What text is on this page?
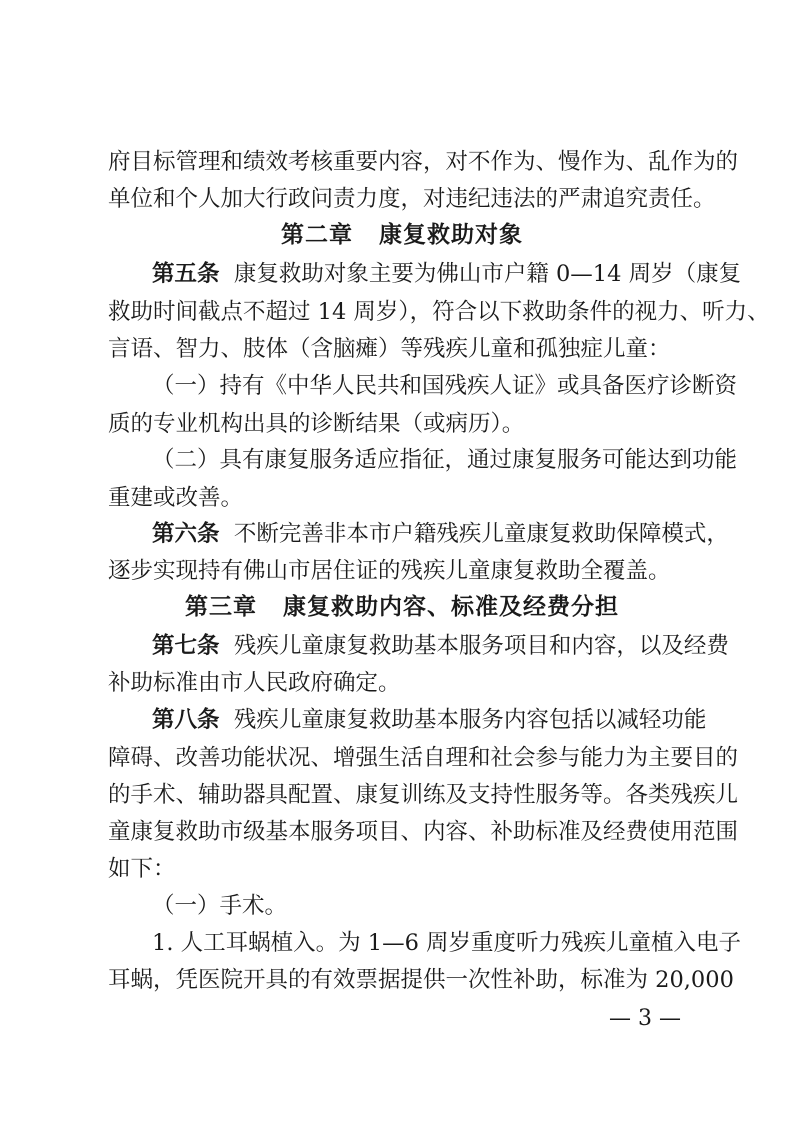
府目标管理和绩效考核重要内容，对不作为、慢作为、乱作为的
单位和个人加大行政问责力度，对违纪违法的严肃追究责任。
第二章 康复救助对象
第五条 康复救助对象主要为佛山市户籍 0—14 周岁（康复
救助时间截点不超过 14 周岁），符合以下救助条件的视力、听力、
言语、智力、肢体（含脑瘫）等残疾儿童和孤独症儿童：
（一）持有《中华人民共和国残疾人证》或具备医疗诊断资
质的专业机构出具的诊断结果（或病历）。
（二）具有康复服务适应指征，通过康复服务可能达到功能
重建或改善。
第六条 不断完善非本市户籍残疾儿童康复救助保障模式，
逐步实现持有佛山市居住证的残疾儿童康复救助全覆盖。
第三章 康复救助内容、标准及经费分担
第七条 残疾儿童康复救助基本服务项目和内容，以及经费
补助标准由市人民政府确定。
第八条 残疾儿童康复救助基本服务内容包括以减轻功能
障碍、改善功能状况、增强生活自理和社会参与能力为主要目的
的手术、辅助器具配置、康复训练及支持性服务等。各类残疾儿
童康复救助市级基本服务项目、内容、补助标准及经费使用范围
如下：
（一）手术。
1. 人工耳蜗植入。为 1—6 周岁重度听力残疾儿童植入电子
耳蜗，凭医院开具的有效票据提供一次性补助，标准为 20,000
— 3 —
